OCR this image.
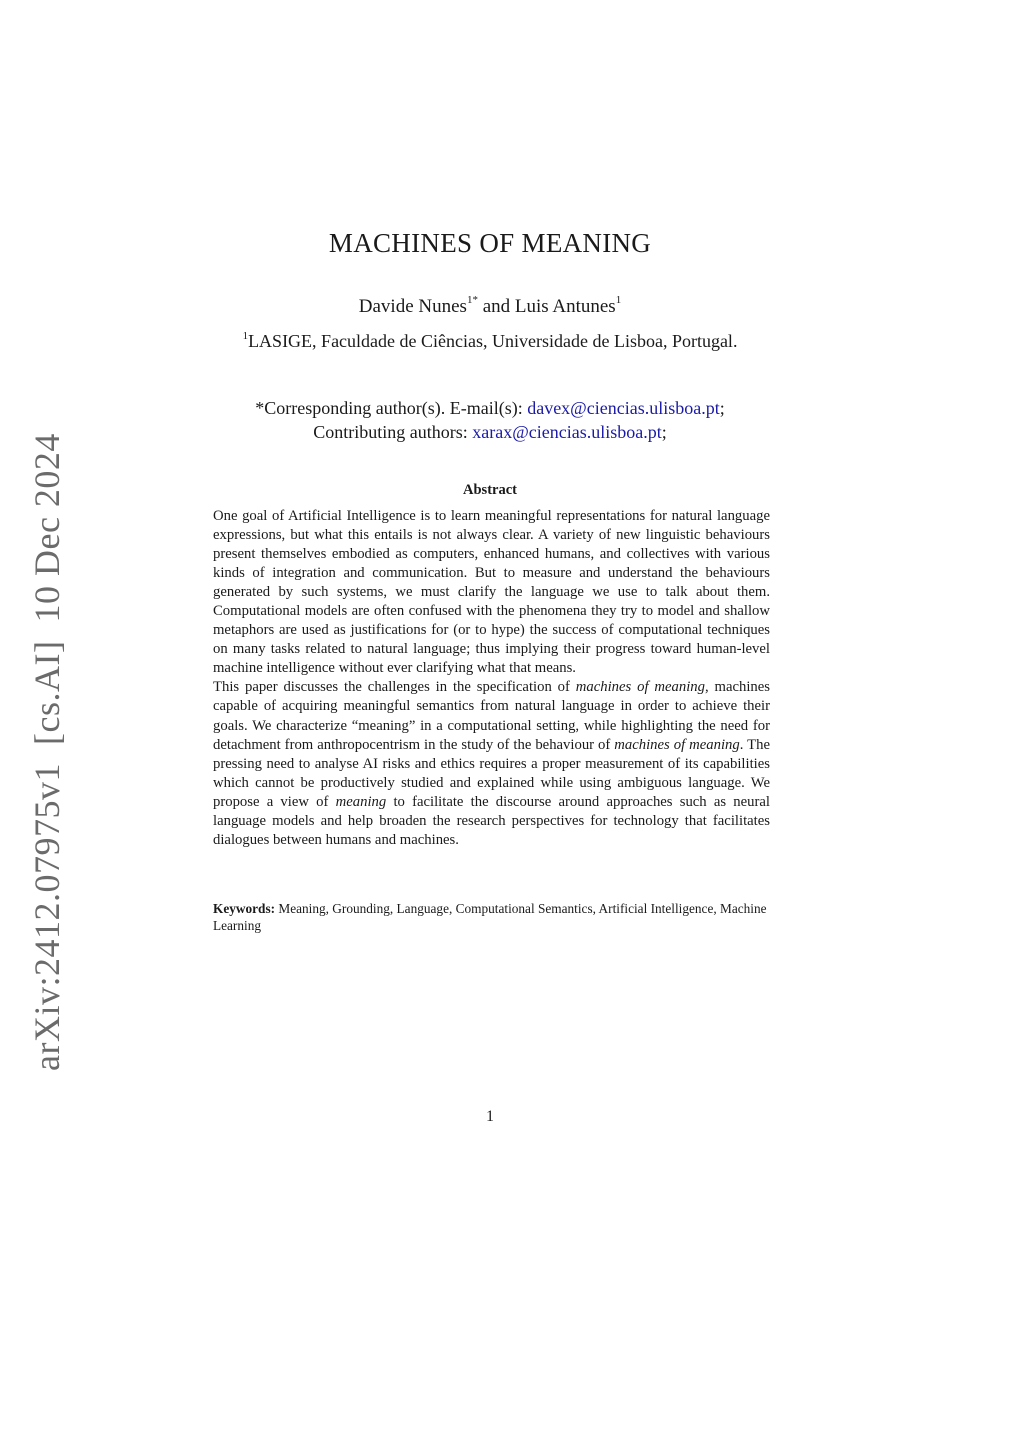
arXiv:2412.07975v1[cs.AI]10 Dec 2024
MACHINES OF MEANING
Davide Nunes$^{1*}$ and Luis Antunes$^1$
$^1$LASIGE, Faculdade de Ciências, Universidade de Lisboa, Portugal.
*Corresponding author(s). E-mail(s): davex@ciencias.ulisboa.pt;
Contributing authors: xarax@ciencias.ulisboa.pt;
Abstract

One goal of Artificial Intelligence is to learn meaningful representations for natural language expressions, but what this entails is not always clear. A variety of new linguistic behaviours present themselves embodied as computers, enhanced humans, and collectives with various kinds of integration and communication. But to measure and understand the behaviours generated by such systems, we must clarify the language we use to talk about them. Computational models are often confused with the phenomena they try to model and shallow metaphors are used as justifications for (or to hype) the success of computational techniques on many tasks related to natural language; thus implying their progress toward human-level machine intelligence without ever clarifying what that means.

This paper discusses the challenges in the specification of machines of meaning, machines capable of acquiring meaningful semantics from natural language in order to achieve their goals. We characterize “meaning” in a computational setting, while highlighting the need for detachment from anthropocentrism in the study of the behaviour of machines of meaning. The pressing need to analyse AI risks and ethics requires a proper measurement of its capabilities which cannot be productively studied and explained while using ambiguous language. We propose a view of meaning to facilitate the discourse around approaches such as neural language models and help broaden the research perspectives for technology that facilitates dialogues between humans and machines.

Keywords: Meaning, Grounding, Language, Computational Semantics, Artificial Intelligence, Machine Learning
1
